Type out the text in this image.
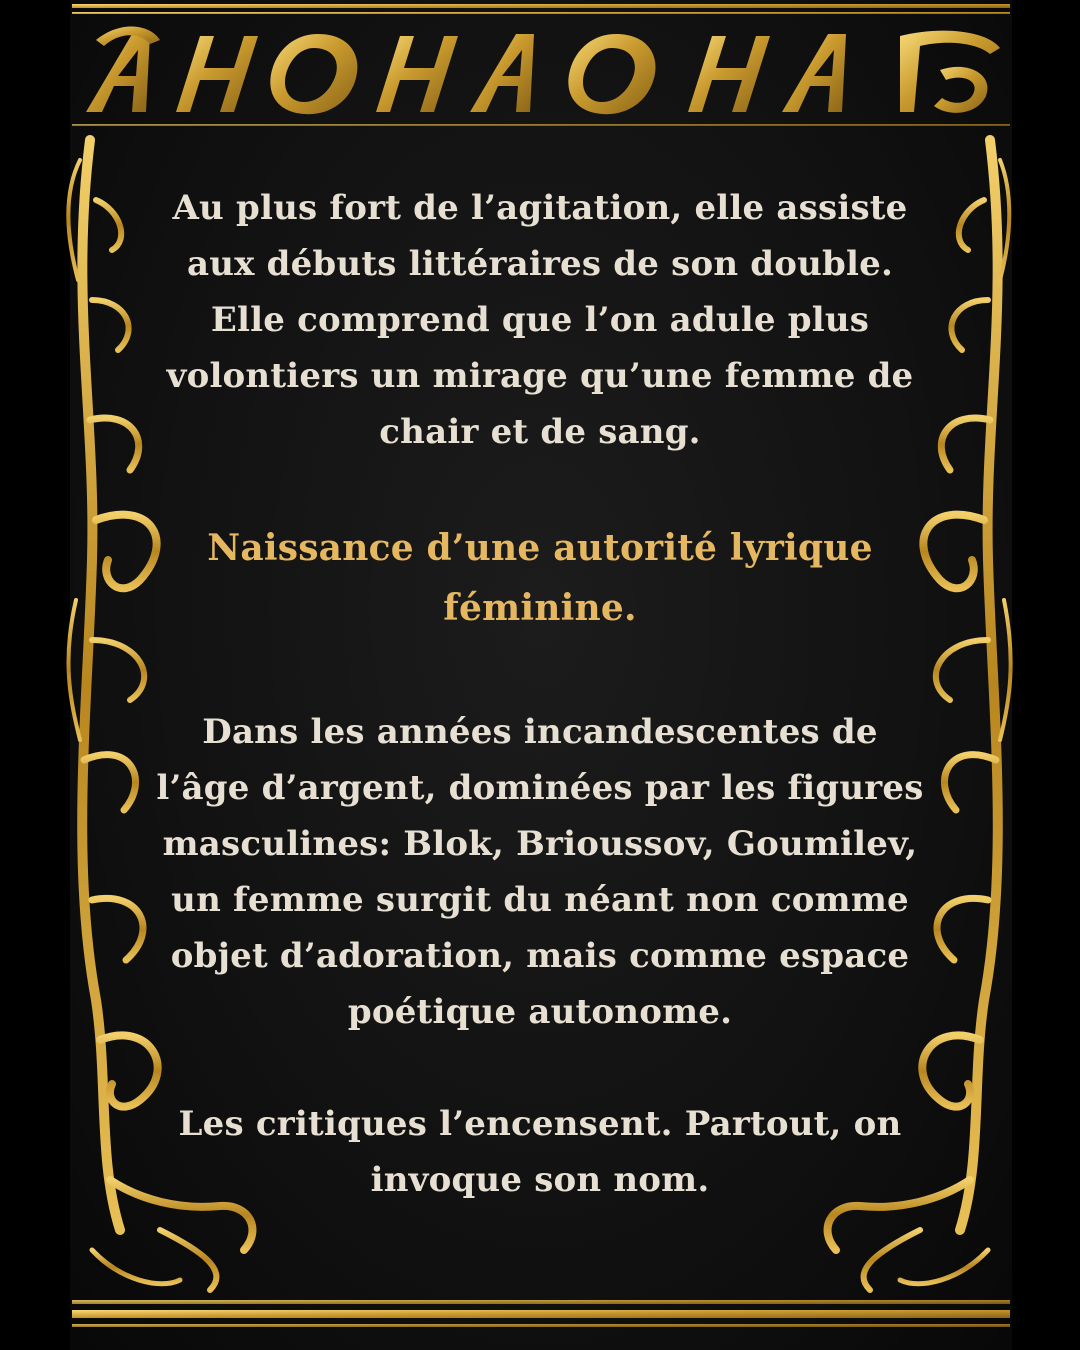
Au plus fort de l’agitation, elle assiste aux débuts littéraires de son double. Elle comprend que l’on adule plus volontiers un mirage qu’une femme de chair et de sang.

Naissance d’une autorité lyrique féminine.

Dans les années incandescentes de l’âge d’argent, dominées par les figures masculines: Blok, Brioussov, Goumilev, un femme surgit du néant non comme objet d’adoration, mais comme espace poétique autonome.

Les critiques l’encensent. Partout, on invoque son nom.
